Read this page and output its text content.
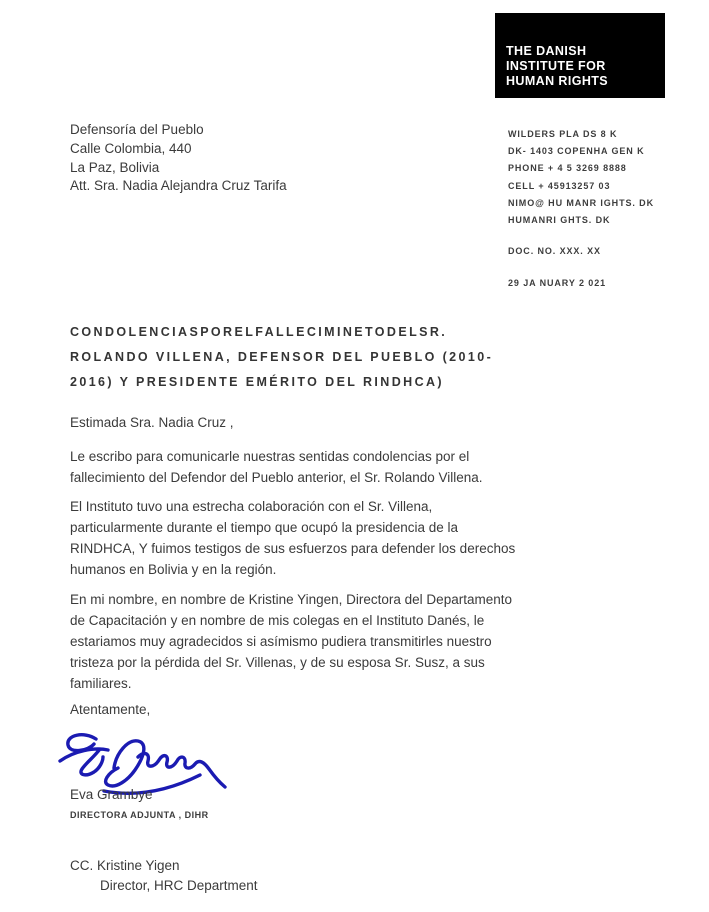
THE DANISH
INSTITUTE FOR
HUMAN RIGHTS
Defensoría del Pueblo
Calle Colombia, 440
La Paz, Bolivia
Att. Sra. Nadia Alejandra Cruz Tarifa
WILDERS PLA DS 8 K
DK- 1403 COPENHA GEN K
PHONE + 4 5 3269 8888
CELL + 45913257 03
NIMO@ HU MANR IGHTS. DK
HUMANRI GHTS. DK
DOC. NO. XXX. XX
29 JA NUARY 2 021
CONDOLENCIASPORELFALLECIMINETODELSR.
ROLANDO VILLENA, DEFENSOR DEL PUEBLO (2010-
2016) Y PRESIDENTE EMÉRITO DEL RINDHCA)
Estimada Sra. Nadia Cruz ,
Le escribo para comunicarle nuestras sentidas condolencias por el fallecimiento del Defendor del Pueblo anterior, el Sr. Rolando Villena.
El Instituto tuvo una estrecha colaboración con el Sr. Villena, particularmente durante el tiempo que ocupó la presidencia de la RINDHCA, Y fuimos testigos de sus esfuerzos para defender los derechos humanos en Bolivia y en la región.
En mi nombre, en nombre de Kristine Yingen, Directora del Departamento de Capacitación y en nombre de mis colegas en el Instituto Danés, le estariamos muy agradecidos si asímismo pudiera transmitirles nuestro tristeza por la pérdida del Sr. Villenas, y de su esposa Sr. Susz, a sus familiares.
Atentamente,
Eva Grambye
DIRECTORA ADJUNTA , DIHR
CC. Kristine Yigen
Director, HRC Department
